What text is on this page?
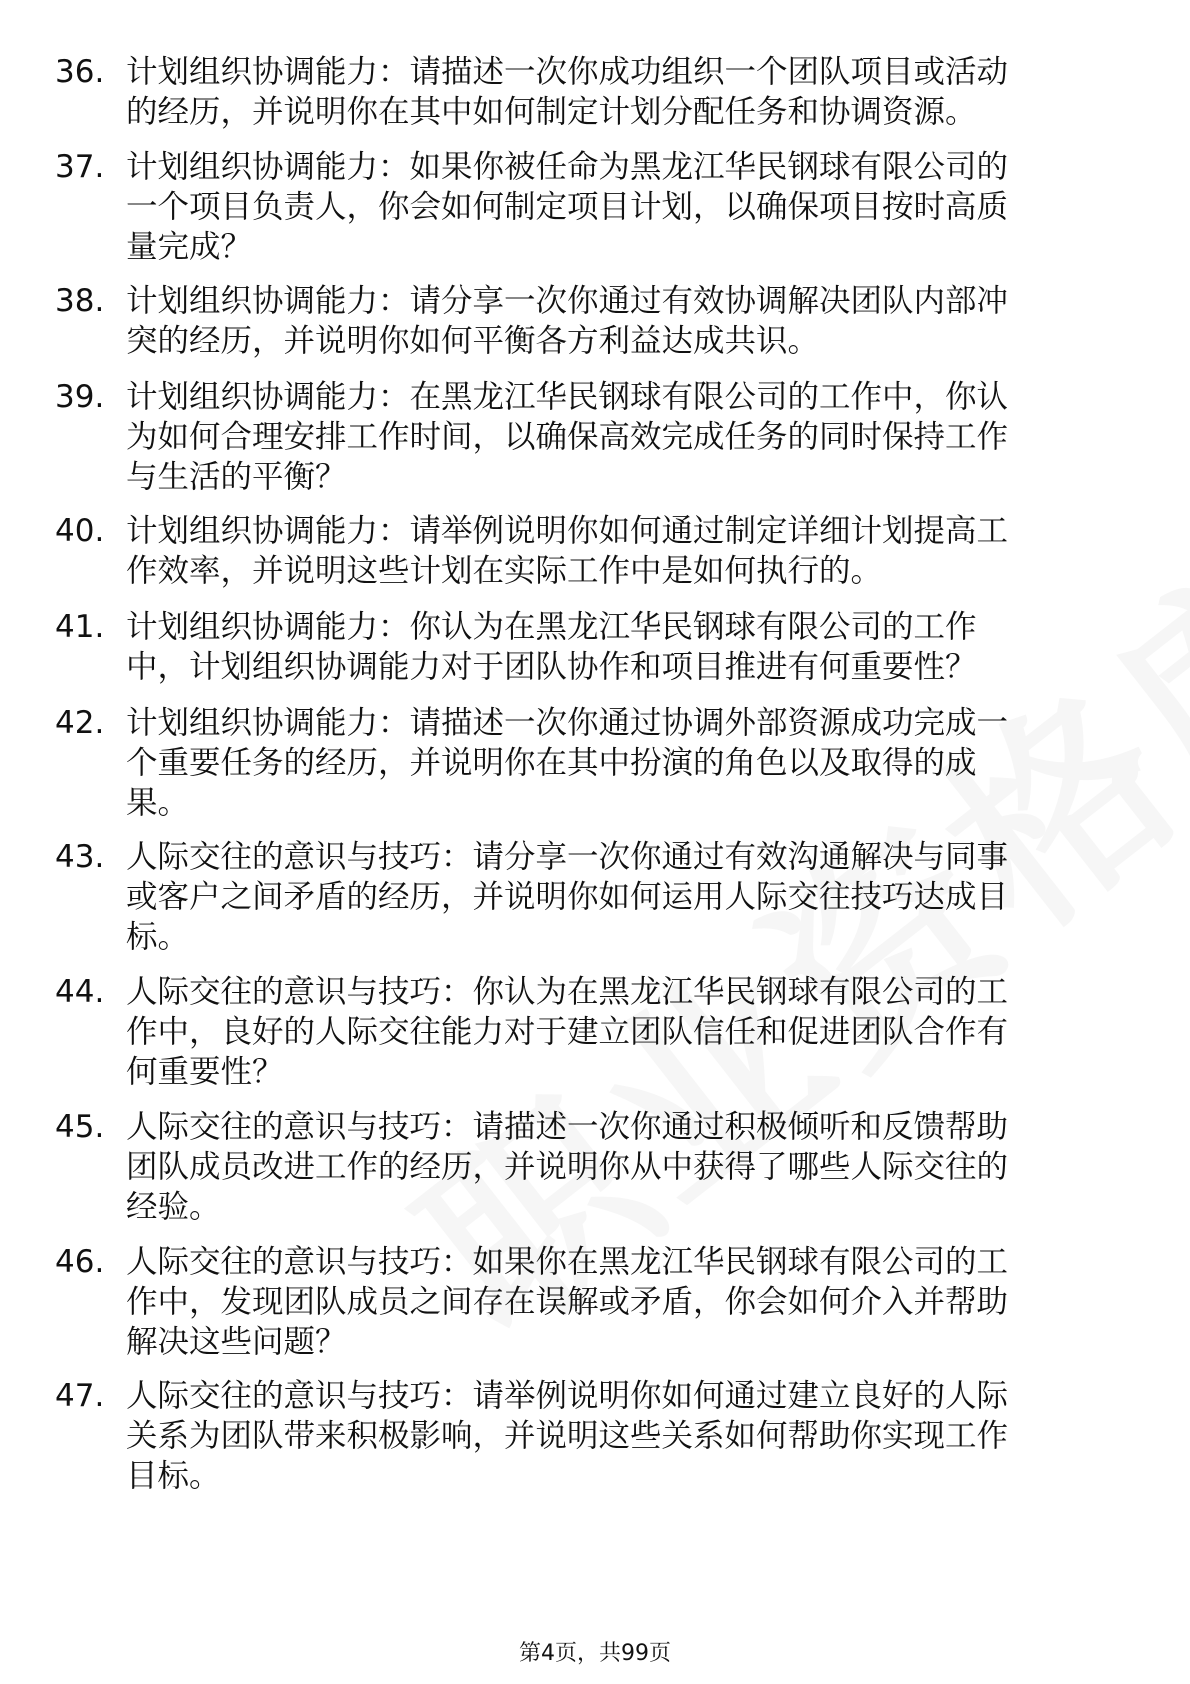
36. 计划组织协调能力：请描述一次你成功组织一个团队项目或活动
的经历，并说明你在其中如何制定计划分配任务和协调资源。
37. 计划组织协调能力：如果你被任命为黑龙江华民钢球有限公司的
一个项目负责人，你会如何制定项目计划，以确保项目按时高质
量完成？
38. 计划组织协调能力：请分享一次你通过有效协调解决团队内部冲
突的经历，并说明你如何平衡各方利益达成共识。
39. 计划组织协调能力：在黑龙江华民钢球有限公司的工作中，你认
为如何合理安排工作时间，以确保高效完成任务的同时保持工作
与生活的平衡？
40. 计划组织协调能力：请举例说明你如何通过制定详细计划提高工
作效率，并说明这些计划在实际工作中是如何执行的。
41. 计划组织协调能力：你认为在黑龙江华民钢球有限公司的工作
中，计划组织协调能力对于团队协作和项目推进有何重要性？
42. 计划组织协调能力：请描述一次你通过协调外部资源成功完成一
个重要任务的经历，并说明你在其中扮演的角色以及取得的成
果。
43. 人际交往的意识与技巧：请分享一次你通过有效沟通解决与同事
或客户之间矛盾的经历，并说明你如何运用人际交往技巧达成目
标。
44. 人际交往的意识与技巧：你认为在黑龙江华民钢球有限公司的工
作中，良好的人际交往能力对于建立团队信任和促进团队合作有
何重要性？
45. 人际交往的意识与技巧：请描述一次你通过积极倾听和反馈帮助
团队成员改进工作的经历，并说明你从中获得了哪些人际交往的
经验。
46. 人际交往的意识与技巧：如果你在黑龙江华民钢球有限公司的工
作中，发现团队成员之间存在误解或矛盾，你会如何介入并帮助
解决这些问题？
47. 人际交往的意识与技巧：请举例说明你如何通过建立良好的人际
关系为团队带来积极影响，并说明这些关系如何帮助你实现工作
目标。
第4页，共99页
